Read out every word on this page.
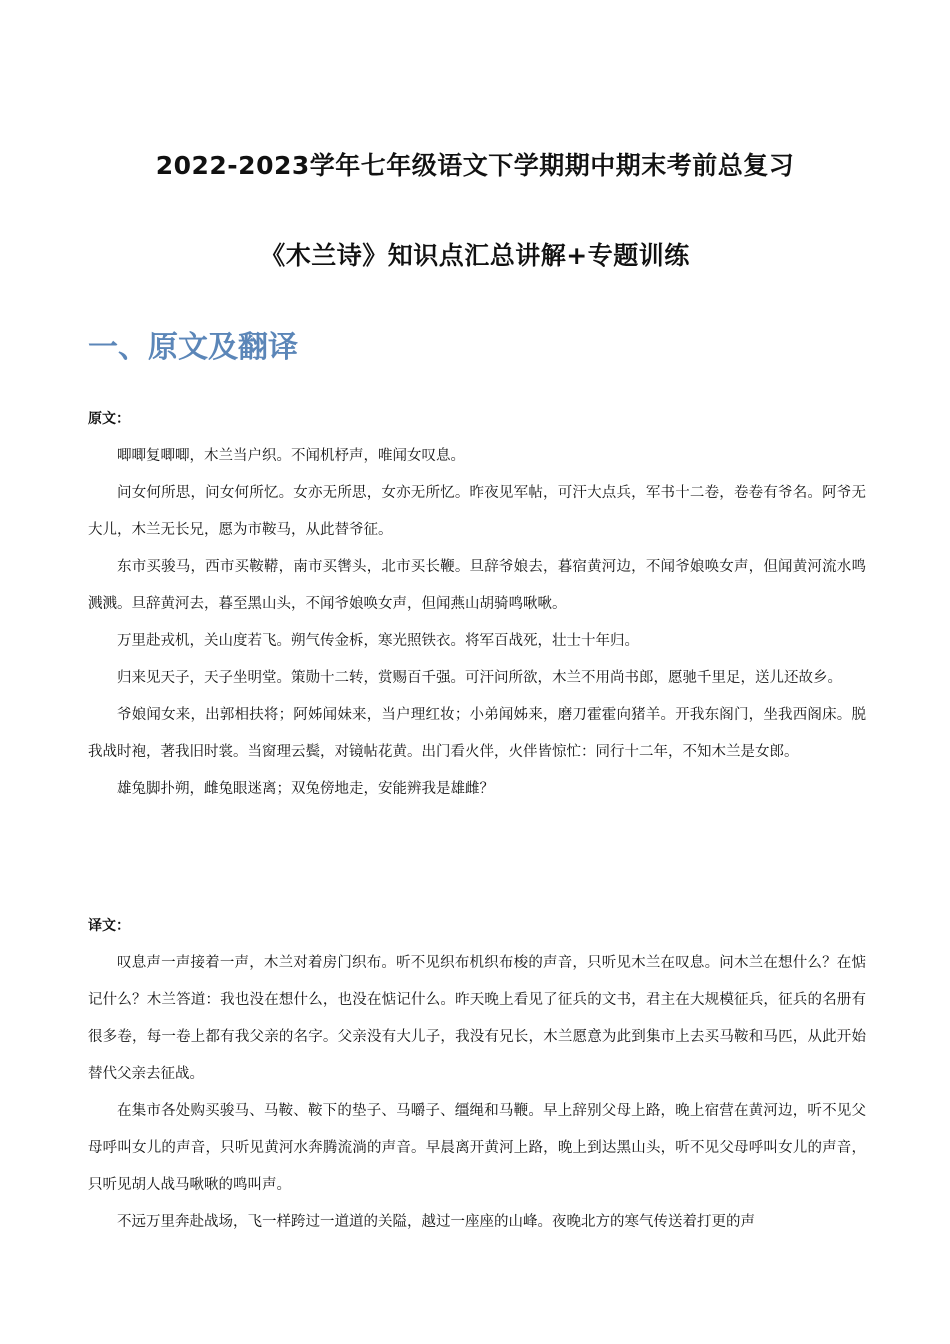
2022-2023学年七年级语文下学期期中期末考前总复习
《木兰诗》知识点汇总讲解+专题训练
一、原文及翻译
原文：

唧唧复唧唧，木兰当户织。不闻机杼声，唯闻女叹息。

问女何所思，问女何所忆。女亦无所思，女亦无所忆。昨夜见军帖，可汗大点兵，军书十二卷，卷卷有爷名。阿爷无大儿，木兰无长兄，愿为市鞍马，从此替爷征。

东市买骏马，西市买鞍鞯，南市买辔头，北市买长鞭。旦辞爷娘去，暮宿黄河边，不闻爷娘唤女声，但闻黄河流水鸣溅溅。旦辞黄河去，暮至黑山头，不闻爷娘唤女声，但闻燕山胡骑鸣啾啾。

万里赴戎机，关山度若飞。朔气传金柝，寒光照铁衣。将军百战死，壮士十年归。

归来见天子，天子坐明堂。策勋十二转，赏赐百千强。可汗问所欲，木兰不用尚书郎，愿驰千里足，送儿还故乡。

爷娘闻女来，出郭相扶将；阿姊闻妹来，当户理红妆；小弟闻姊来，磨刀霍霍向猪羊。开我东阁门，坐我西阁床。脱我战时袍，著我旧时裳。当窗理云鬓，对镜帖花黄。出门看火伴，火伴皆惊忙：同行十二年，不知木兰是女郎。

雄兔脚扑朔，雌兔眼迷离；双兔傍地走，安能辨我是雄雌？

译文：

叹息声一声接着一声，木兰对着房门织布。听不见织布机织布梭的声音，只听见木兰在叹息。问木兰在想什么？在惦记什么？木兰答道：我也没在想什么，也没在惦记什么。昨天晚上看见了征兵的文书，君主在大规模征兵，征兵的名册有很多卷，每一卷上都有我父亲的名字。父亲没有大儿子，我没有兄长，木兰愿意为此到集市上去买马鞍和马匹，从此开始替代父亲去征战。

在集市各处购买骏马、马鞍、鞍下的垫子、马嚼子、缰绳和马鞭。早上辞别父母上路，晚上宿营在黄河边，听不见父母呼叫女儿的声音，只听见黄河水奔腾流淌的声音。早晨离开黄河上路，晚上到达黑山头，听不见父母呼叫女儿的声音，只听见胡人战马啾啾的鸣叫声。

不远万里奔赴战场，飞一样跨过一道道的关隘，越过一座座的山峰。夜晚北方的寒气传送着打更的声
